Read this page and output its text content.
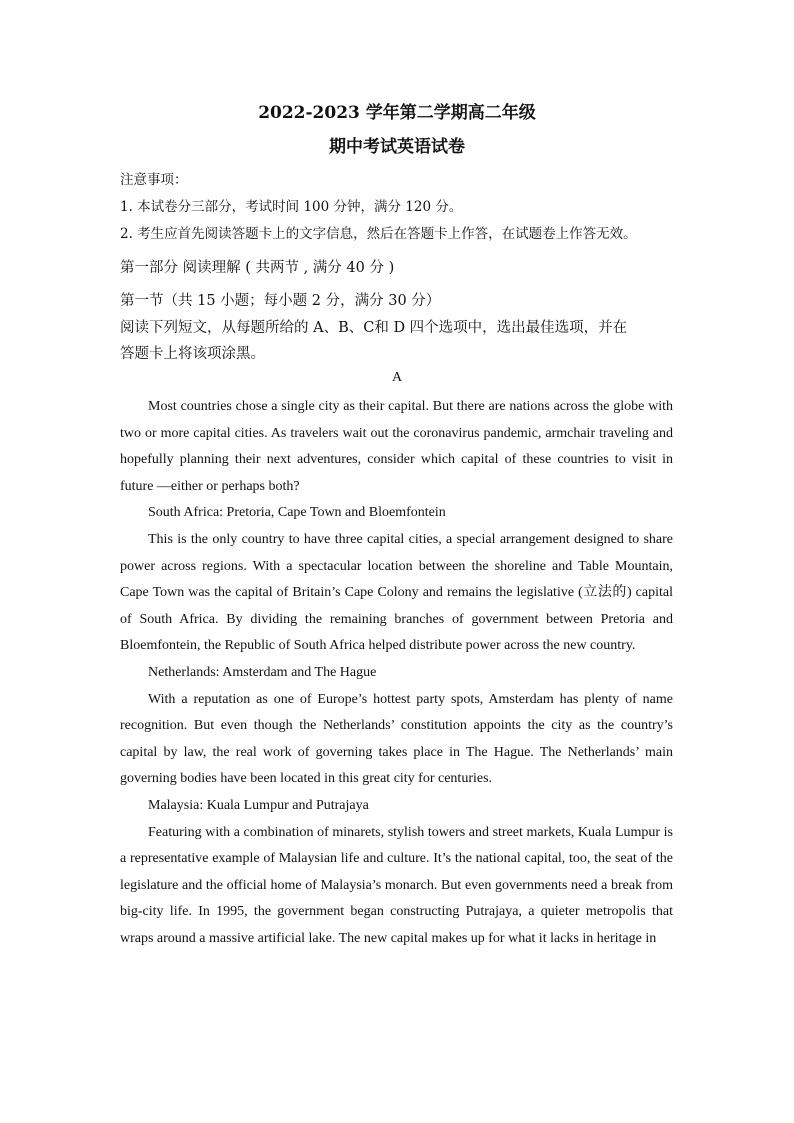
2022-2023 学年第二学期高二年级
期中考试英语试卷
注意事项：
1. 本试卷分三部分，考试时间 100 分钟，满分 120 分。
2. 考生应首先阅读答题卡上的文字信息，然后在答题卡上作答，在试题卷上作答无效。
第一部分 阅读理解 ( 共两节 , 满分 40 分 )
第一节（共 15 小题；每小题 2 分，满分 30 分）
阅读下列短文，从每题所给的 A、B、C和 D 四个选项中，选出最佳选项，并在
答题卡上将该项涂黑。
A

Most countries chose a single city as their capital. But there are nations across the globe with two or more capital cities. As travelers wait out the coronavirus pandemic, armchair traveling and hopefully planning their next adventures, consider which capital of these countries to visit in future —either or perhaps both?

South Africa: Pretoria, Cape Town and Bloemfontein

This is the only country to have three capital cities, a special arrangement designed to share power across regions. With a spectacular location between the shoreline and Table Mountain, Cape Town was the capital of Britain’s Cape Colony and remains the legislative (立法的) capital of South Africa. By dividing the remaining branches of government between Pretoria and Bloemfontein, the Republic of South Africa helped distribute power across the new country.

Netherlands: Amsterdam and The Hague

With a reputation as one of Europe’s hottest party spots, Amsterdam has plenty of name recognition. But even though the Netherlands’ constitution appoints the city as the country’s capital by law, the real work of governing takes place in The Hague. The Netherlands’ main governing bodies have been located in this great city for centuries.

Malaysia: Kuala Lumpur and Putrajaya

Featuring with a combination of minarets, stylish towers and street markets, Kuala Lumpur is a representative example of Malaysian life and culture. It’s the national capital, too, the seat of the legislature and the official home of Malaysia’s monarch. But even governments need a break from big-city life. In 1995, the government began constructing Putrajaya, a quieter metropolis that wraps around a massive artificial lake. The new capital makes up for what it lacks in heritage in
